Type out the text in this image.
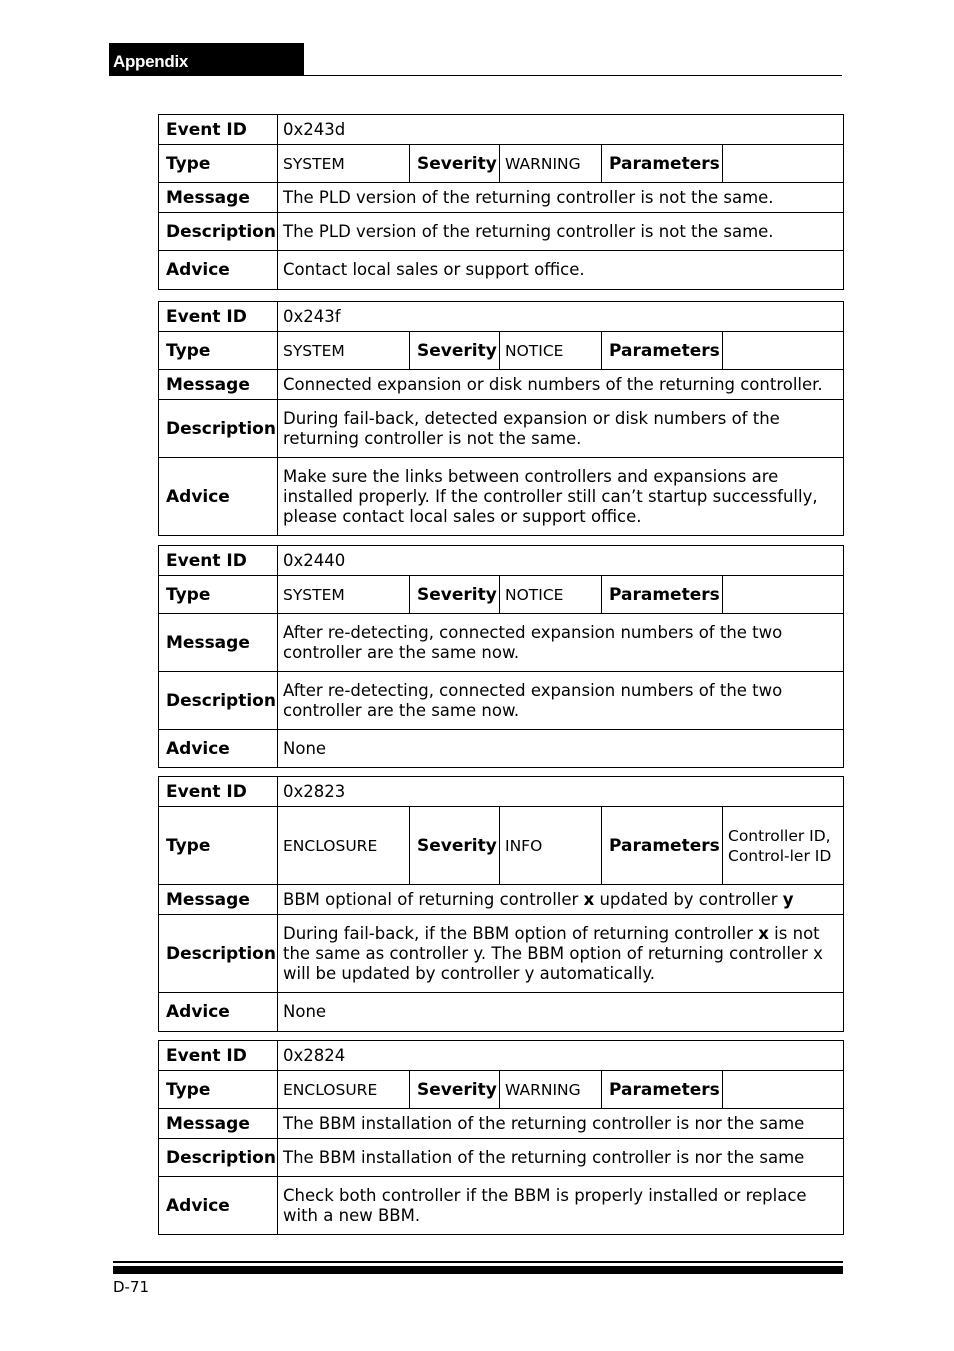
Appendix
Event ID	0x243d				
Type	SYSTEM	Severity	WARNING	Parameters	
Message	The PLD version of the returning controller is not the same.				
Description	The PLD version of the returning controller is not the same.				
Advice	Contact local sales or support office.				
Event ID	0x243f				
Type	SYSTEM	Severity	NOTICE	Parameters	
Message	Connected expansion or disk numbers of the returning controller.				
Description	During fail-back, detected expansion or disk numbers of the returning controller is not the same.				
Advice	Make sure the links between controllers and expansions are installed properly. If the controller still can’t startup successfully, please contact local sales or support office.				
Event ID	0x2440				
Type	SYSTEM	Severity	NOTICE	Parameters	
Message	After re-detecting, connected expansion numbers of the two controller are the same now.				
Description	After re-detecting, connected expansion numbers of the two controller are the same now.				
Advice	None				
Event ID	0x2823				
Type	ENCLOSURE	Severity	INFO	Parameters	Controller ID, Control-ler ID
Message	BBM optional of returning controller x updated by controller y				
Description	During fail-back, if the BBM option of returning controller x is not the same as controller y. The BBM option of returning controller x will be updated by controller y automatically.				
Advice	None				
Event ID	0x2824				
Type	ENCLOSURE	Severity	WARNING	Parameters	
Message	The BBM installation of the returning controller is nor the same				
Description	The BBM installation of the returning controller is nor the same				
Advice	Check both controller if the BBM is properly installed or replace with a new BBM.				
D-71
